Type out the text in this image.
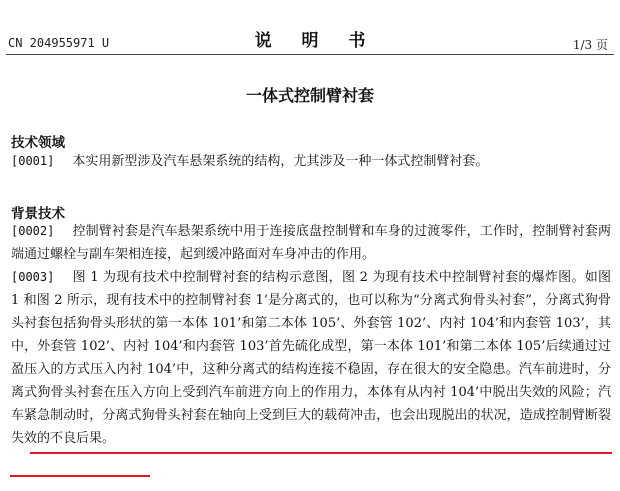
CN 204955971 U	说 明 书	1/3 页
一体式控制臂衬套
技术领域
[0001] 本实用新型涉及汽车悬架系统的结构，尤其涉及一种一体式控制臂衬套。
背景技术
[0002] 控制臂衬套是汽车悬架系统中用于连接底盘控制臂和车身的过渡零件，工作时，控制臂衬套两端通过螺栓与副车架相连接，起到缓冲路面对车身冲击的作用。
[0003] 图 1 为现有技术中控制臂衬套的结构示意图，图 2 为现有技术中控制臂衬套的爆炸图。如图 1 和图 2 所示，现有技术中的控制臂衬套 1’是分离式的，也可以称为“分离式狗骨头衬套”，分离式狗骨头衬套包括狗骨头形状的第一本体 101’和第二本体 105’、外套管 102’、内衬 104’和内套管 103’，其中，外套管 102’、内衬 104’和内套管 103’首先硫化成型，第一本体 101’和第二本体 105’后续通过过盈压入的方式压入内衬 104’中，这种分离式的结构连接不稳固，存在很大的安全隐患。汽车前进时，分离式狗骨头衬套在压入方向上受到汽车前进方向上的作用力，本体有从内衬 104’中脱出失效的风险；汽车紧急制动时，分离式狗骨头衬套在轴向上受到巨大的载荷冲击，也会出现脱出的状况，造成控制臂断裂失效的不良后果。
